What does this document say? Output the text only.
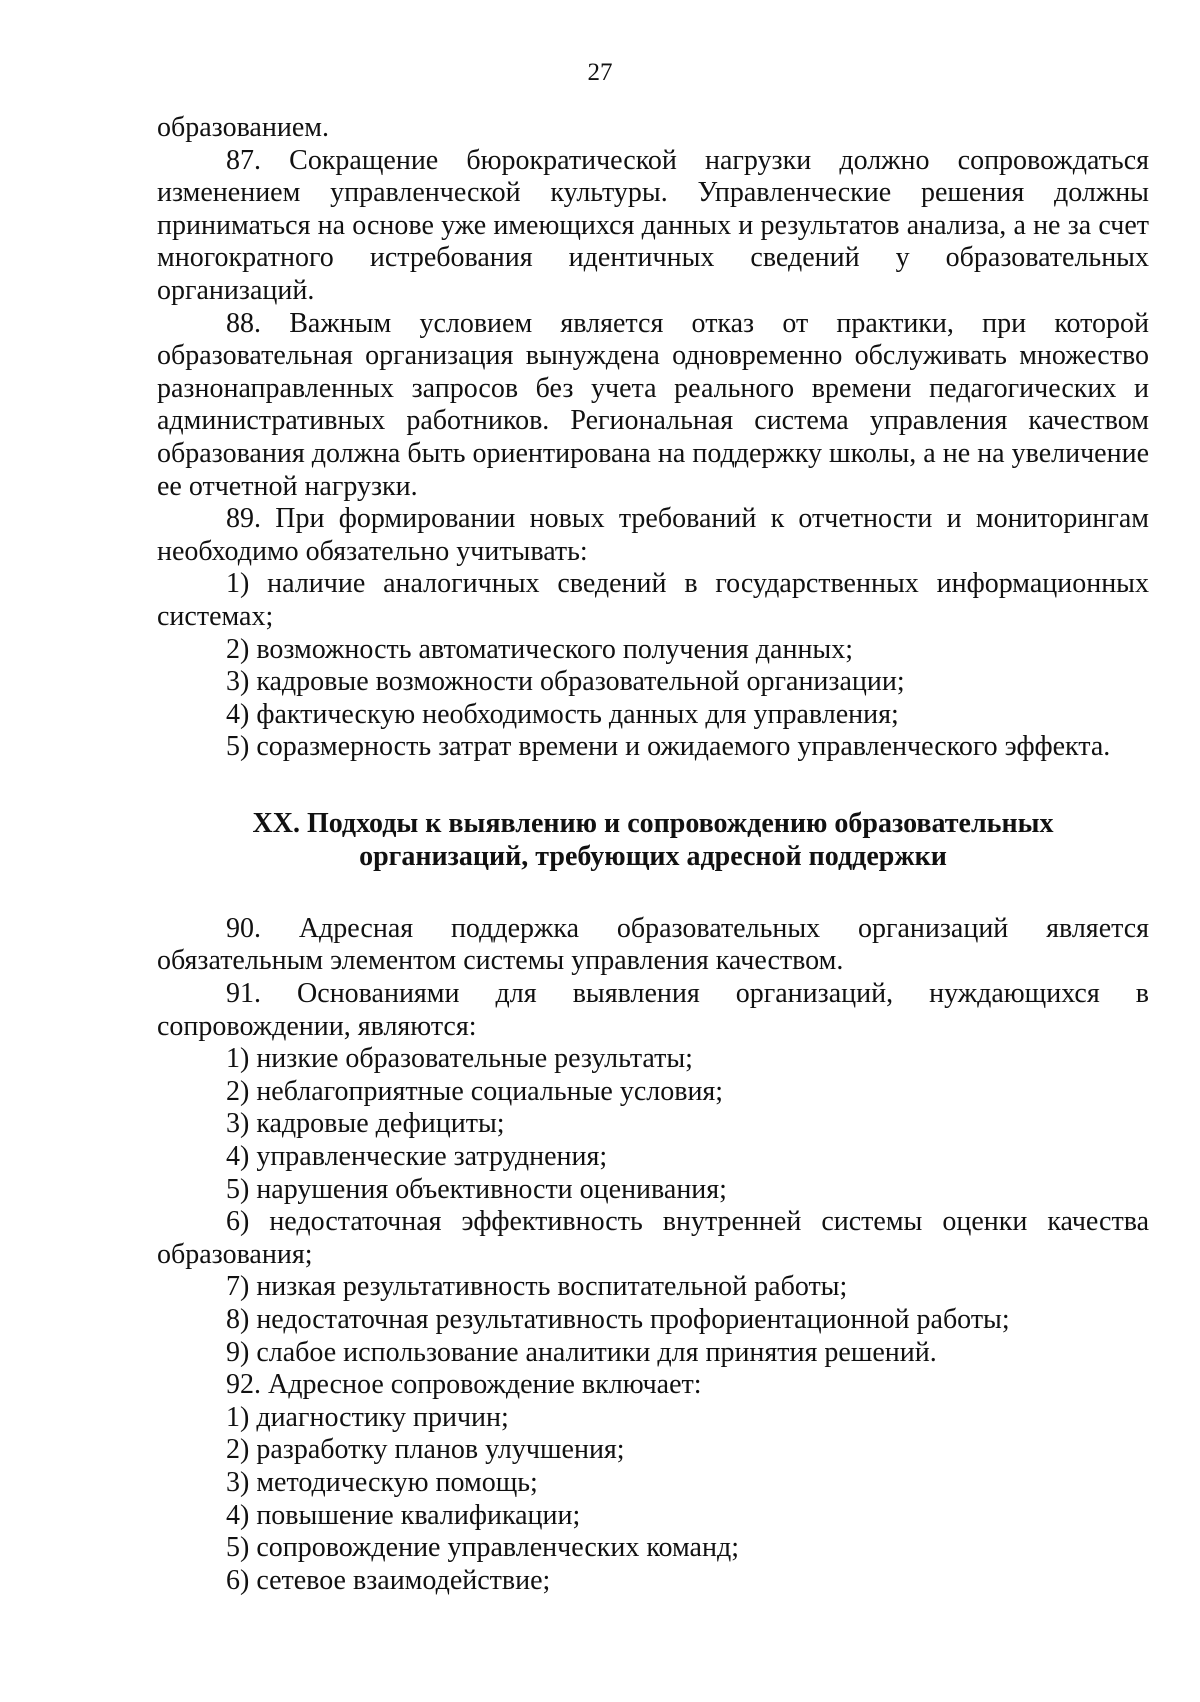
27

образованием.

87. Сокращение бюрократической нагрузки должно сопровождаться изменением управленческой культуры. Управленческие решения должны приниматься на основе уже имеющихся данных и результатов анализа, а не за счет многократного истребования идентичных сведений у образовательных организаций.

88. Важным условием является отказ от практики, при которой образовательная организация вынуждена одновременно обслуживать множество разнонаправленных запросов без учета реального времени педагогических и административных работников. Региональная система управления качеством образования должна быть ориентирована на поддержку школы, а не на увеличение ее отчетной нагрузки.

89. При формировании новых требований к отчетности и мониторингам необходимо обязательно учитывать:

1) наличие аналогичных сведений в государственных информационных системах;

2) возможность автоматического получения данных;

3) кадровые возможности образовательной организации;

4) фактическую необходимость данных для управления;

5) соразмерность затрат времени и ожидаемого управленческого эффекта.

XX. Подходы к выявлению и сопровождению образовательных
организаций, требующих адресной поддержки

90. Адресная поддержка образовательных организаций является обязательным элементом системы управления качеством.

91. Основаниями для выявления организаций, нуждающихся в сопровождении, являются:

1) низкие образовательные результаты;

2) неблагоприятные социальные условия;

3) кадровые дефициты;

4) управленческие затруднения;

5) нарушения объективности оценивания;

6) недостаточная эффективность внутренней системы оценки качества образования;

7) низкая результативность воспитательной работы;

8) недостаточная результативность профориентационной работы;

9) слабое использование аналитики для принятия решений.

92. Адресное сопровождение включает:

1) диагностику причин;

2) разработку планов улучшения;

3) методическую помощь;

4) повышение квалификации;

5) сопровождение управленческих команд;

6) сетевое взаимодействие;
